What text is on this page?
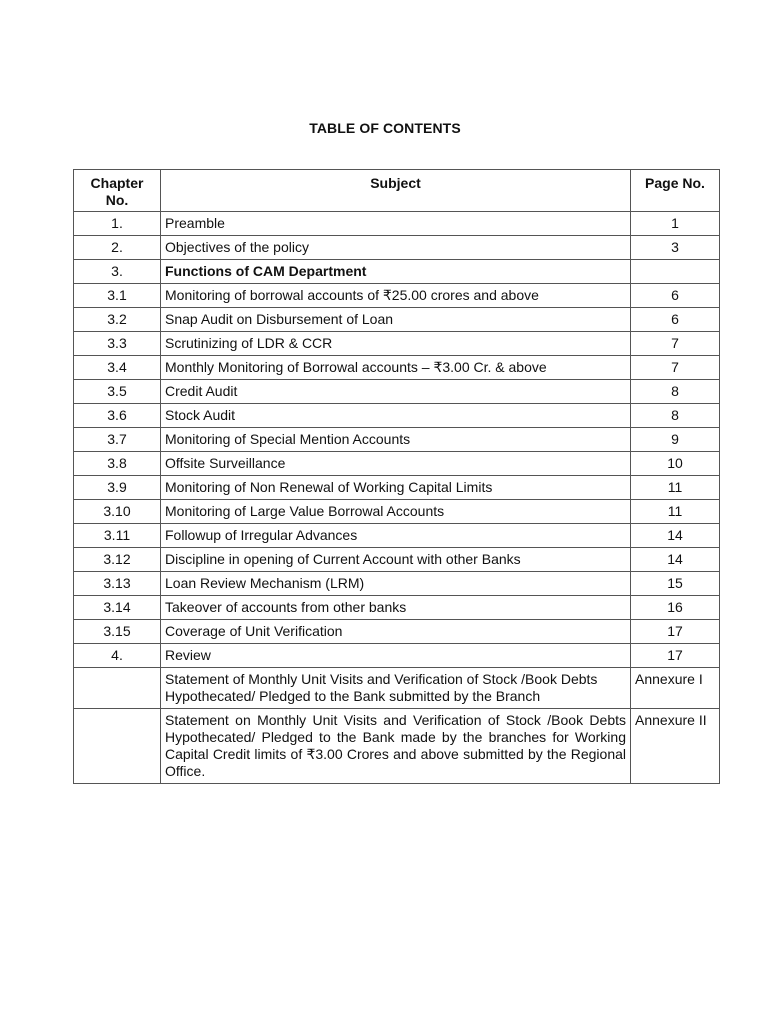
TABLE OF CONTENTS
Chapter No.	Subject	Page No.
1.	Preamble	1
2.	Objectives of the policy	3
3.	Functions of CAM Department	
3.1	Monitoring of borrowal accounts of ₹25.00 crores and above	6
3.2	Snap Audit on Disbursement of Loan	6
3.3	Scrutinizing of LDR & CCR	7
3.4	Monthly Monitoring of Borrowal accounts – ₹3.00 Cr. & above	7
3.5	Credit Audit	8
3.6	Stock Audit	8
3.7	Monitoring of Special Mention Accounts	9
3.8	Offsite Surveillance	10
3.9	Monitoring of Non Renewal of Working Capital Limits	11
3.10	Monitoring of Large Value Borrowal Accounts	11
3.11	Followup of Irregular Advances	14
3.12	Discipline in opening of Current Account with other Banks	14
3.13	Loan Review Mechanism (LRM)	15
3.14	Takeover of accounts from other banks	16
3.15	Coverage of Unit Verification	17
4.	Review	17
	Statement of Monthly Unit Visits and Verification of Stock /Book Debts Hypothecated/ Pledged to the Bank submitted by the Branch	Annexure I
	Statement on Monthly Unit Visits and Verification of Stock /Book Debts Hypothecated/ Pledged to the Bank made by the branches for Working Capital Credit limits of ₹3.00 Crores and above submitted by the Regional Office.	Annexure II
